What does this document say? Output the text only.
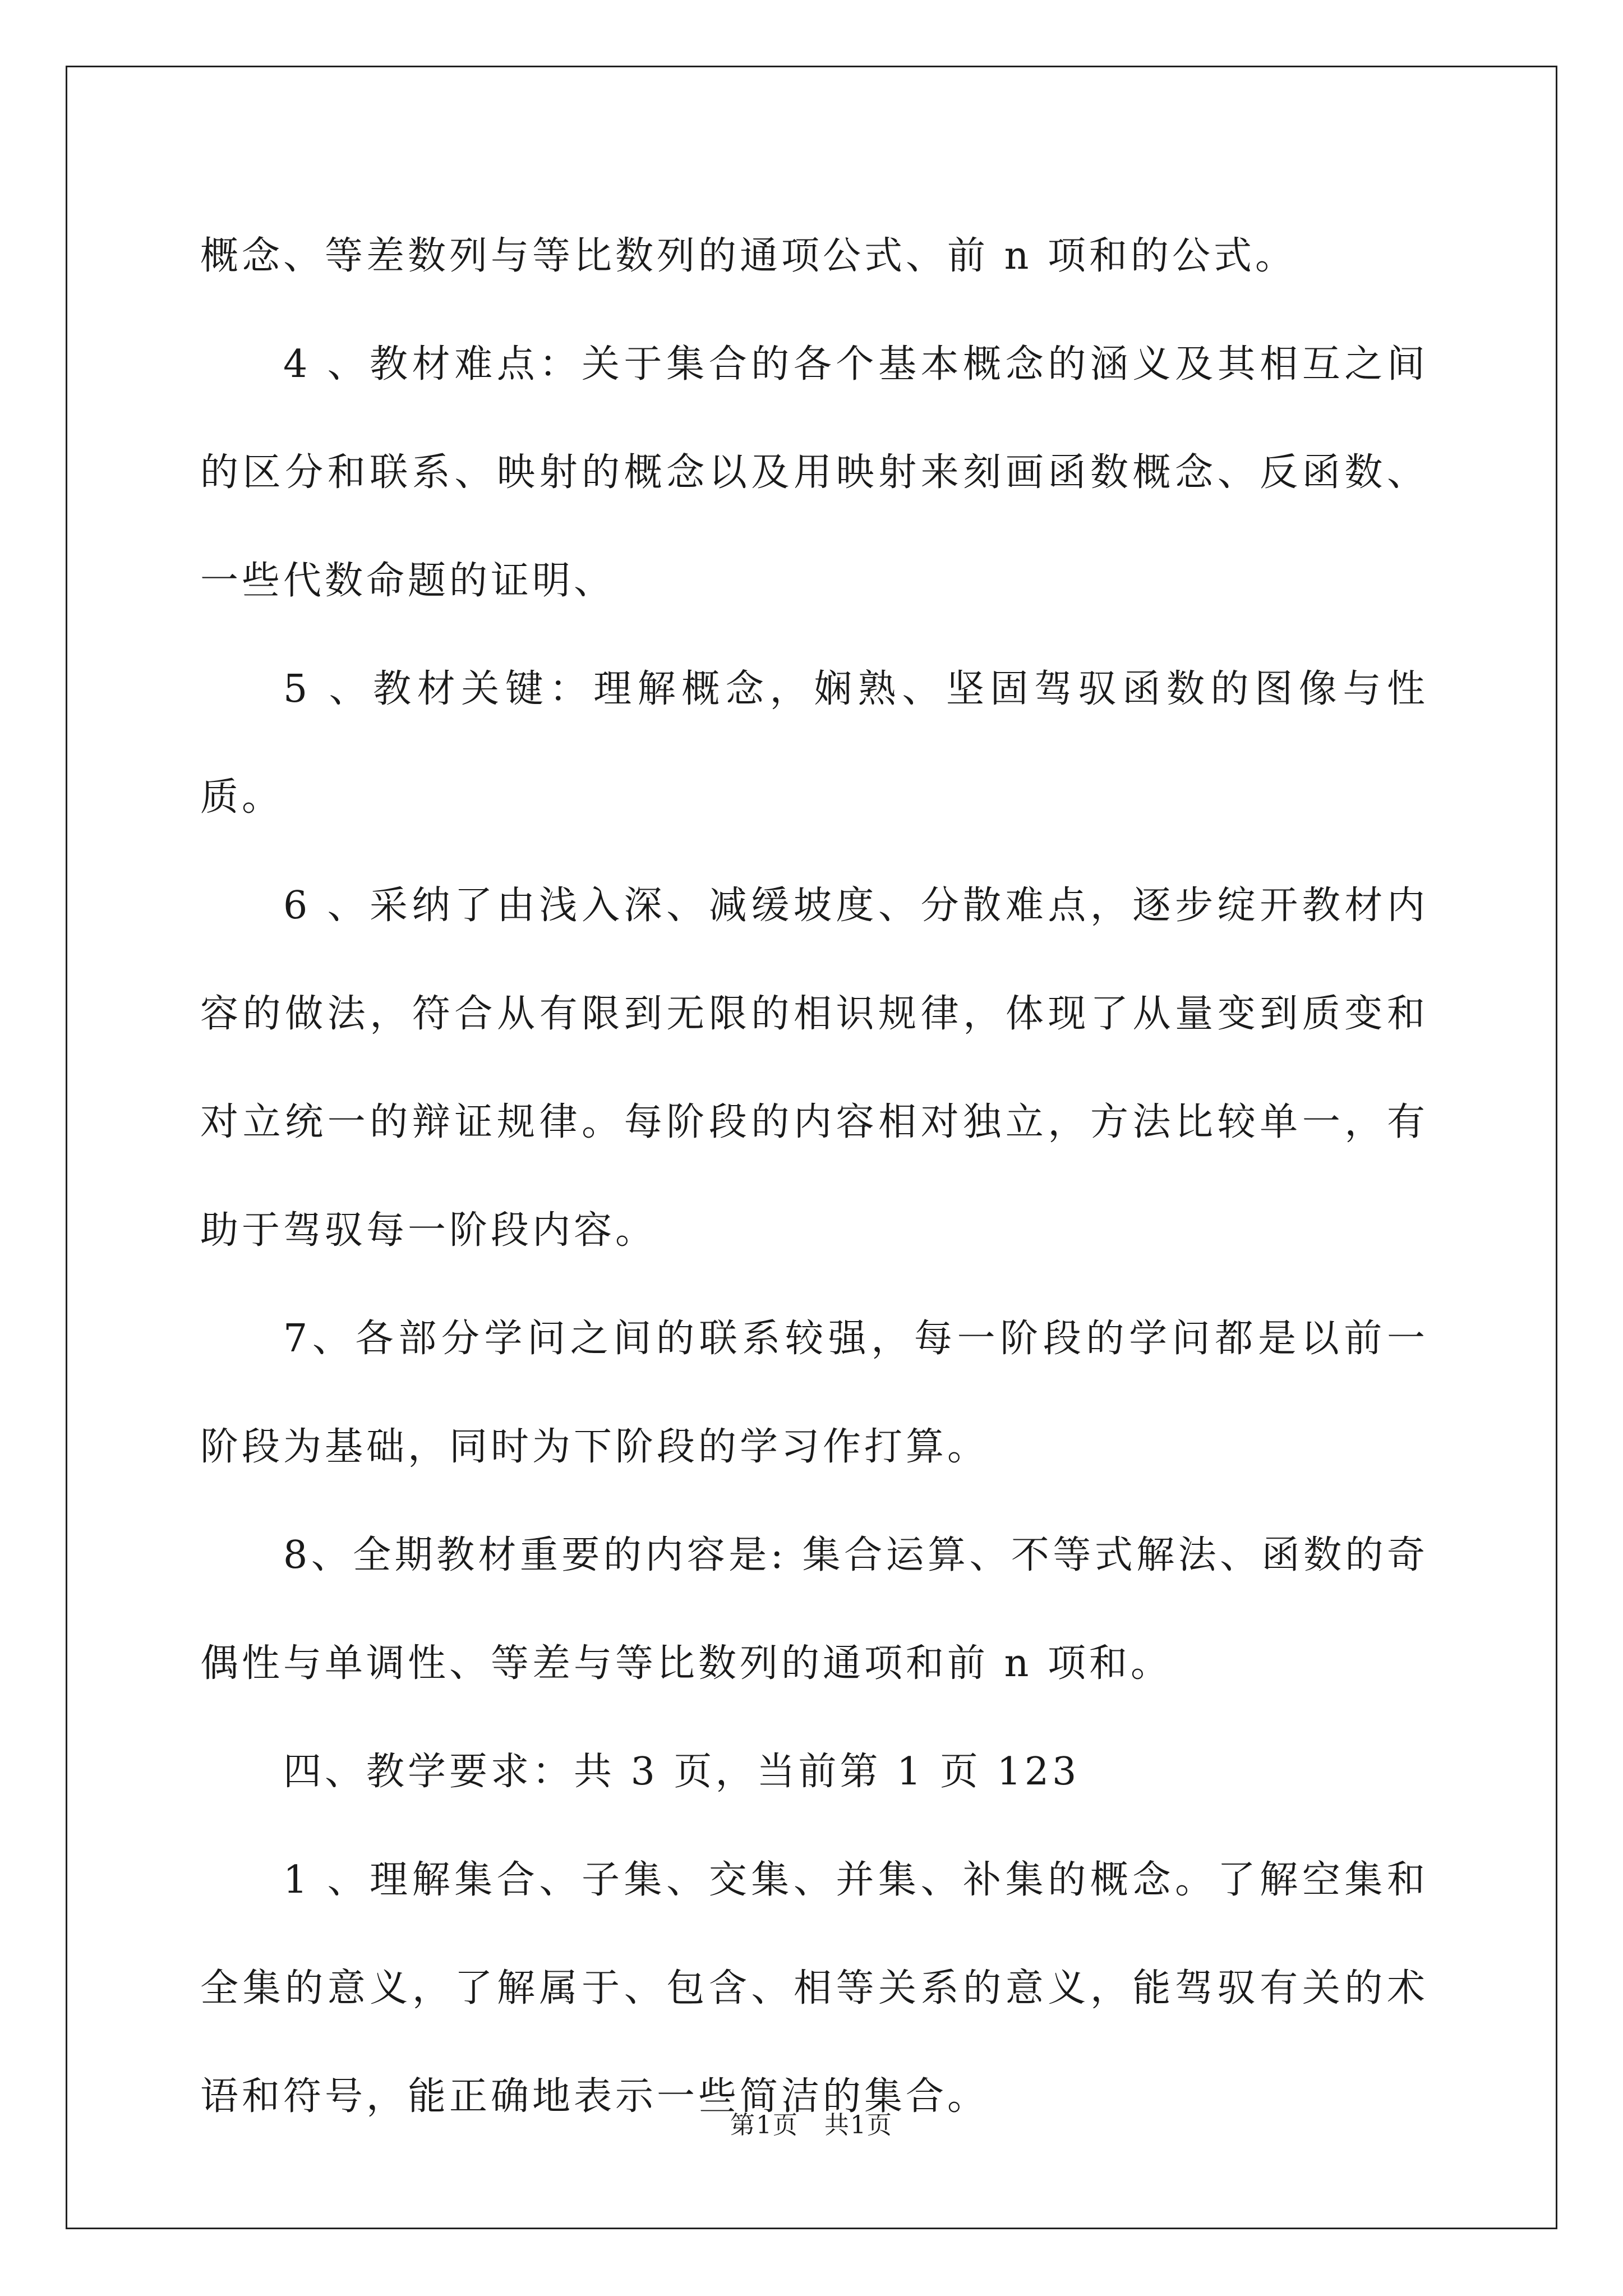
概念、等差数列与等比数列的通项公式、前 n 项和的公式。

4 、教材难点：关于集合的各个基本概念的涵义及其相互之间的区分和联系、映射的概念以及用映射来刻画函数概念、反函数、一些代数命题的证明、

5 、教材关键：理解概念，娴熟、坚固驾驭函数的图像与性质。

6 、采纳了由浅入深、减缓坡度、分散难点，逐步绽开教材内容的做法，符合从有限到无限的相识规律，体现了从量变到质变和对立统一的辩证规律。每阶段的内容相对独立，方法比较单一，有助于驾驭每一阶段内容。

7、各部分学问之间的联系较强，每一阶段的学问都是以前一阶段为基础，同时为下阶段的学习作打算。

8、全期教材重要的内容是: 集合运算、不等式解法、函数的奇偶性与单调性、等差与等比数列的通项和前 n 项和。

四、教学要求：共 3 页，当前第 1 页 123

1 、理解集合、子集、交集、并集、补集的概念。了解空集和全集的意义，了解属于、包含、相等关系的意义，能驾驭有关的术语和符号，能正确地表示一些简洁的集合。

第1页 共1页
